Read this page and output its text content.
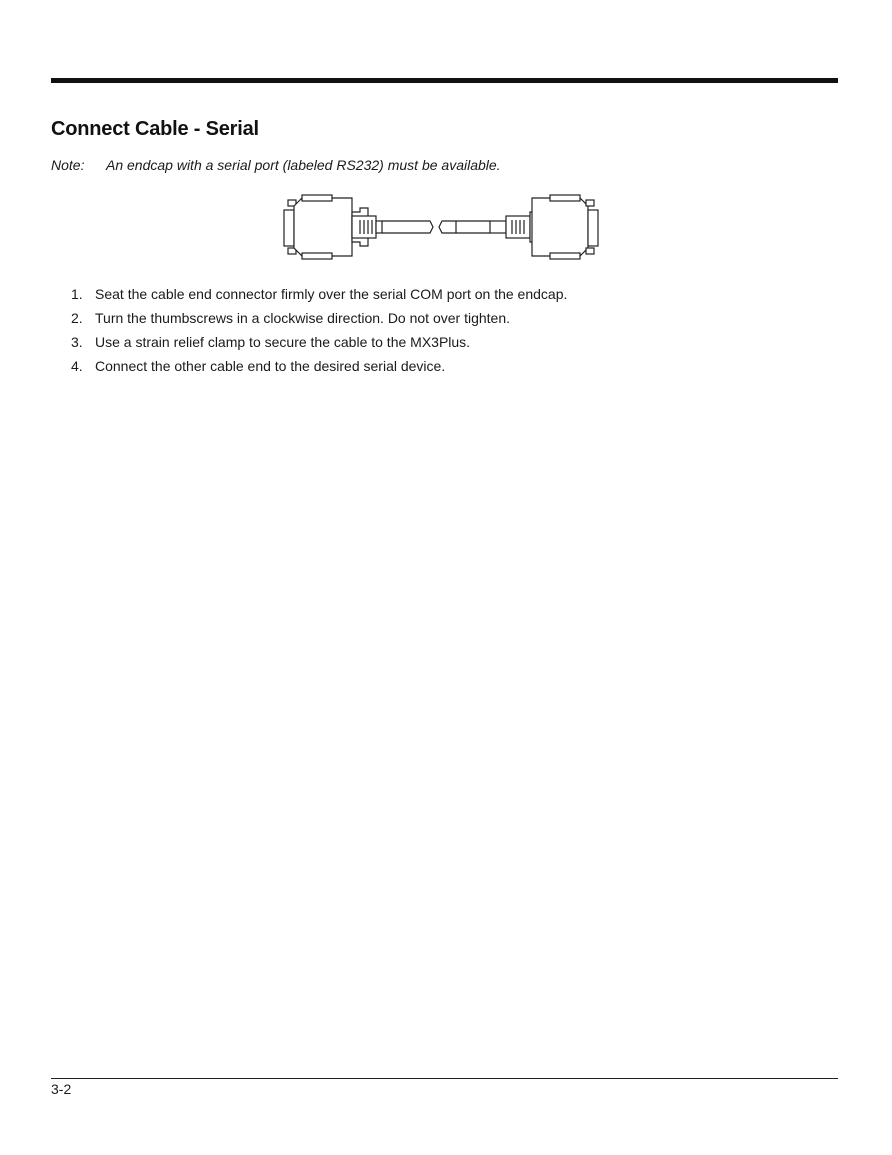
Connect Cable - Serial
Note: An endcap with a serial port (labeled RS232) must be available.
1. Seat the cable end connector firmly over the serial COM port on the endcap.
2. Turn the thumbscrews in a clockwise direction. Do not over tighten.
3. Use a strain relief clamp to secure the cable to the MX3Plus.
4. Connect the other cable end to the desired serial device.
3-2
